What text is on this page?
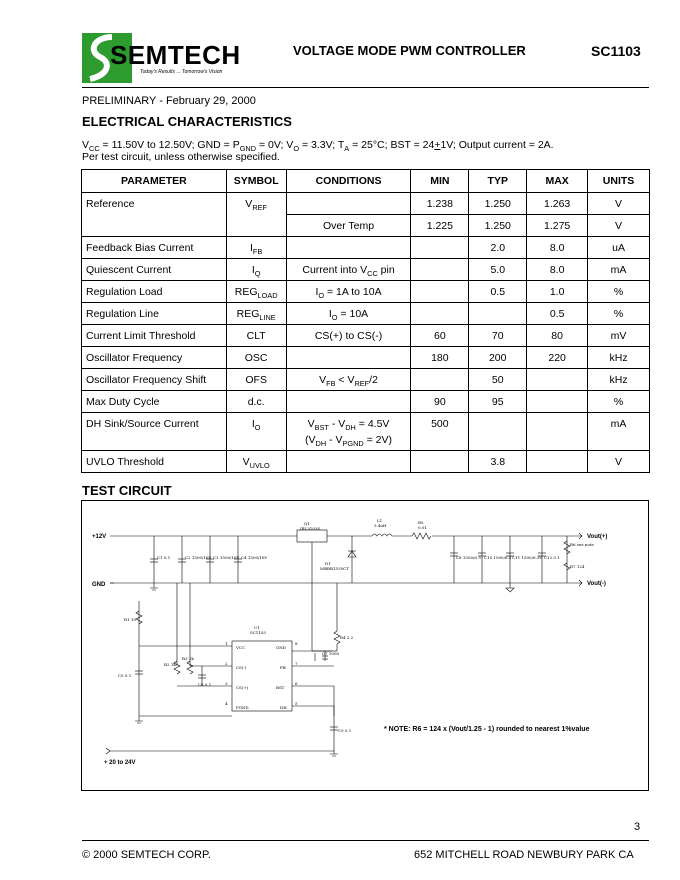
SEMTECH
Today's Results ... Tomorrow's Vision
VOLTAGE MODE PWM CONTROLLER	SC1103
PRELIMINARY - February 29, 2000
ELECTRICAL CHARACTERISTICS
$V_{CC} = 11.50V$ to 12.50V; GND = $P_{GND} = 0V$; $V_O = 3.3V$; $T_A = 25^\circ C$; BST = 24+1V; Output current = 2A.
Per test circuit, unless otherwise specified.
PARAMETER	SYMBOL	CONDITIONS	MIN	TYP	MAX	UNITS
Reference	$V_{REF}$		1.238	1.250	1.263	V
		Over Temp	1.225	1.250	1.275	V
Feedback Bias Current	$I_{FB}$			2.0	8.0	uA
Quiescent Current	$I_Q$	Current into $V_{CC}$ pin		5.0	8.0	mA
Regulation Load	$REG_{LOAD}$	$I_O = 1A$ to 10A		0.5	1.0	%
Regulation Line	$REG_{LINE}$	$I_O = 10A$			0.5	%
Current Limit Threshold	CLT	CS(+) to CS(-)	60	70	80	mV
Oscillator Frequency	OSC		180	200	220	kHz
Oscillator Frequency Shift	OFS	$V_{FB} < V_{REF}/2$		50		kHz
Max Duty Cycle	d.c.		90	95		%
DH Sink/Source Current	$I_O$	$V_{BST} - V_{DH} = 4.5V$
$(V_{DH} - V_{PGND} = 2V)$	500			mA
UVLO Threshold	$V_{UVLO}$			3.8		V
TEST CIRCUIT
+12V
GND
Vout(+)
Vout(-)
+ 20 to 24V
* NOTE: R6 = 124 x (Vout/1.25 - 1) rounded to nearest 1%value
Q1
IRL3103S
L1
3.4uH
R5
0.01
D1
MBRB1535CT
U1
SC1103
VCC
CS(-)
CS(+)
PGND
GND
FB
BST
DH
1
2
3
4
8
7
6
5
C1 0.1	C2 1500/16V C3 1500/16V C4 1500/16V	C8 1500/6.3 C10 1500/6.3 C11 1500/6.3V C12 0.1
R1 10
R2 1k
R3 1k
R4 2.2
R6 see note
R7 124
C5 0.1
C6 0.1
C7 1000
C9 0.1
3
© 2000 SEMTECH CORP.	652 MITCHELL ROAD NEWBURY PARK CA
